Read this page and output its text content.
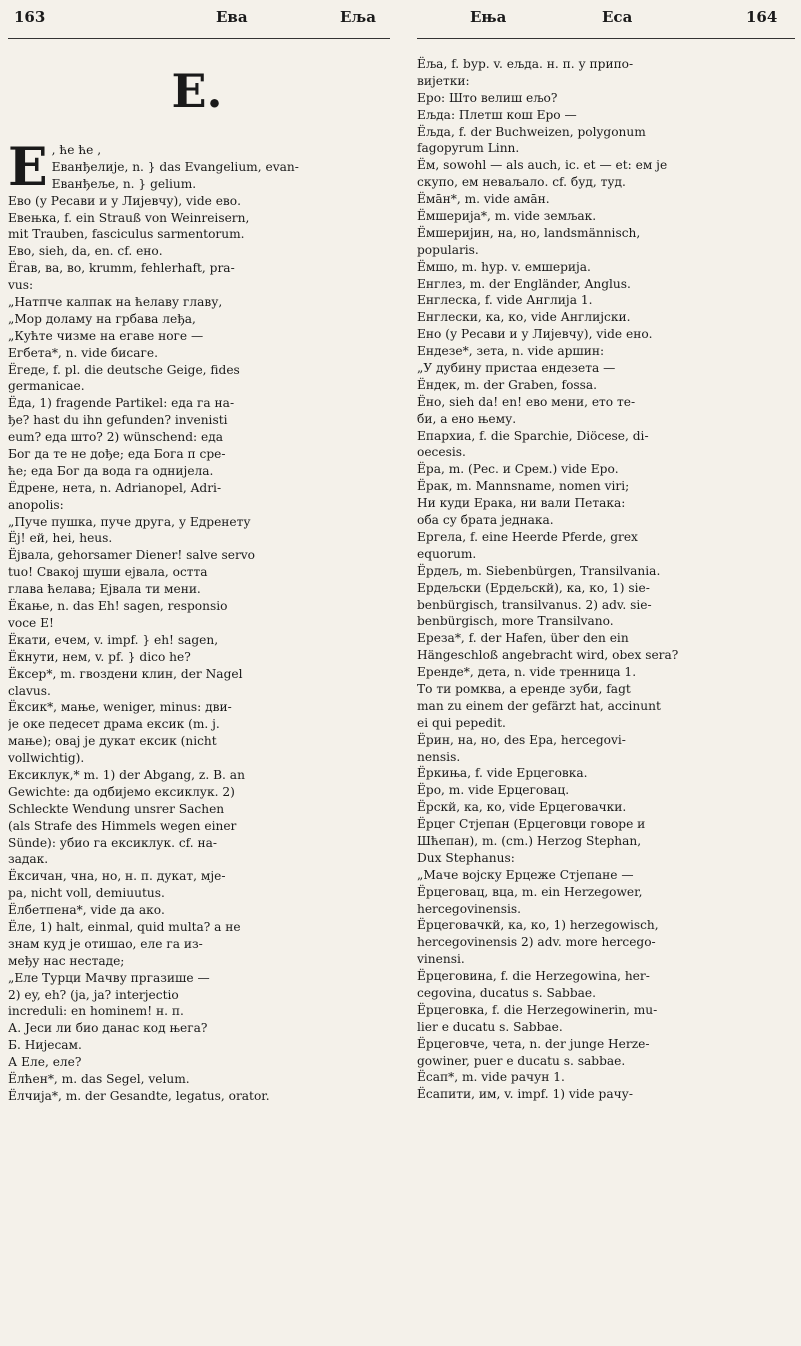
163	Ева	Еља	Ења	Еса	164
Е.
Е , ће ће ,
Еванђелије, n. } das Evangelium, evan-
Еванђеље, n. } gelium.
Ево (у Ресави и у Лијевчу), vide ево.
Евењка, f. ein Strauß von Weinreisern,
mit Trauben, fasciculus sarmentorum.
Ево, sieh, da, en. cf. ено.
Ёгав, ва, во, krumm, fehlerhaft, pra-
vus:
„Натпче калпак на ћелаву главу,
„Мор доламу на грбава леђа,
„Кућте чизме на егаве ноге —
Егбета*, n. vide бисаге.
Ёгеде, f. pl. die deutsche Geige, fides
germanicae.
Ёда, 1) fragende Partikel: еда га на-
ђе? hast du ihn gefunden? invenisti
eum? еда што? 2) wünschend: еда
Бог да те не дође; еда Бога п сре-
ће; еда Бог да вода га однијела.
Ёдрене, нета, n. Adrianopel, Adri-
anopolis:
„Пуче пушка, пуче друга, у Едренету
Ёј! ей, hei, heus.
Ёјвала, gehorsamer Diener! salve servo
tuo! Свакој шуши ејвала, остта
глава ћелава; Ејвала ти мени.
Ёкање, n. das Eh! sagen, responsio
voce Е!
Ёкати, ечем, v. impf. } eh! sagen,
Ёкнути, нем, v. pf. } dico he?
Ёксер*, m. гвоздени клин, der Nagel
clavus.
Ёксик*, мање, weniger, minus: дви-
је оке педесет драма ексик (m. j.
мање); овај је дукат ексик (nicht
vollwichtig).
Ексиклук,* m. 1) der Abgang, z. B. an
Gewichte: да одбијемо ексиклук. 2)
Schleckte Wendung unsrer Sachen
(als Strafe des Himmels wegen einer
Sünde): убио га ексиклук. cf. на-
задак.
Ёксичан, чна, но, н. п. дукат, мје-
ра, nicht voll, demiuutus.
Ёлбетпена*, vide да ако.
Ёле, 1) halt, einmal, quid multa? а не
знам куд је отишао, еле га из-
међу нас нестаде;
„Еле Турци Мачву пргазише —
2) ey, eh? (ja, ja? interjectio
incredulі: en hominem! н. п.
А. Јеси ли био данас код њега?
Б. Нијесам.
А Еле, еле?
Ёлћен*, m. das Segel, velum.
Ёлчија*, m. der Gesandte, legatus, orator.
Ёља, f. bур. v. ељда. н. п. у припо-
вијетки:
Еро: Што велиш ељо?
Ељда: Плетш кош Еро —
Ёљда, f. der Buchweizen, polygonum
fagopyrum Linn.
Ём, sowohl — als auch, ic. et — et: ем је
скупо, ем неваљало. cf. буд, туд.
Ёмāн*, m. vide амāн.
Ёмшерија*, m. vide земљак.
Ёмшеријин, на, но, landsmännisch,
popularis.
Ёмшо, m. hур. v. емшерија.
Енглез, m. der Engländer, Anglus.
Енглеска, f. vide Англија 1.
Енглески, ка, ко, vide Англиjски.
Ено (у Ресави и у Лијевчу), vide ено.
Ендезе*, зета, n. vide аршин:
„У дубину пристаа ендезета —
Ёндек, m. der Graben, fossa.
Ёно, sieh da! en! ево мени, ето те-
би, а ено њему.
Епархиа, f. die Sparchie, Diöcese, di-
oecesis.
Ёра, m. (Рес. и Срем.) vide Еро.
Ёрак, m. Mannsname, nomen viri;
Ни куди Ерака, ни вали Петака:
оба су брата једнака.
Ергела, f. eine Heerde Pferde, grex
equorum.
Ёрдељ, m. Siebenbürgen, Transilvania.
Ердељски (Ердељскй), ка, ко, 1) sie-
benbürgisch, transilvanus. 2) adv. sie-
benbürgisch, more Transilvano.
Ереза*, f. der Hafen, über den ein
Hängeschloß angebracht wird, obex sera?
Еренде*, дета, n. vide тренница 1.
То ти ромква, а еренде зуби, fagt
man zu einem der gefärzt hat, accinunt
ei qui pepedit.
Ёрин, на, но, des Еpa, hercegovi-
nensis.
Ёркиња, f. vide Ерцеговка.
Ёро, m. vide Ерцеговац.
Ёрскй, ка, ко, vide Ерцеговачки.
Ёрцег Стјепан (Ерцеговци говоре и
Шћепан), m. (cm.) Herzog Stephan,
Dux Stephanus:
„Маче војску Ерцеже Стјепане —
Ёрцеговац, вца, m. ein Herzegower,
hercegovinensis.
Ёрцеговачкй, ка, ко, 1) herzegowisch,
hercegovinensis 2) adv. more hercego-
vinensi.
Ёрцеговина, f. die Herzegowina, her-
cegovina, ducatus s. Sabbae.
Ёрцеговка, f. die Herzegowinerin, mu-
lier e ducatu s. Sabbae.
Ёрцеговче, чета, n. der junge Herze-
gowiner, puer e ducatu s. sabbae.
Ёсап*, m. vide рачун 1.
Ёсапити, им, v. impf. 1) vide рачу-
